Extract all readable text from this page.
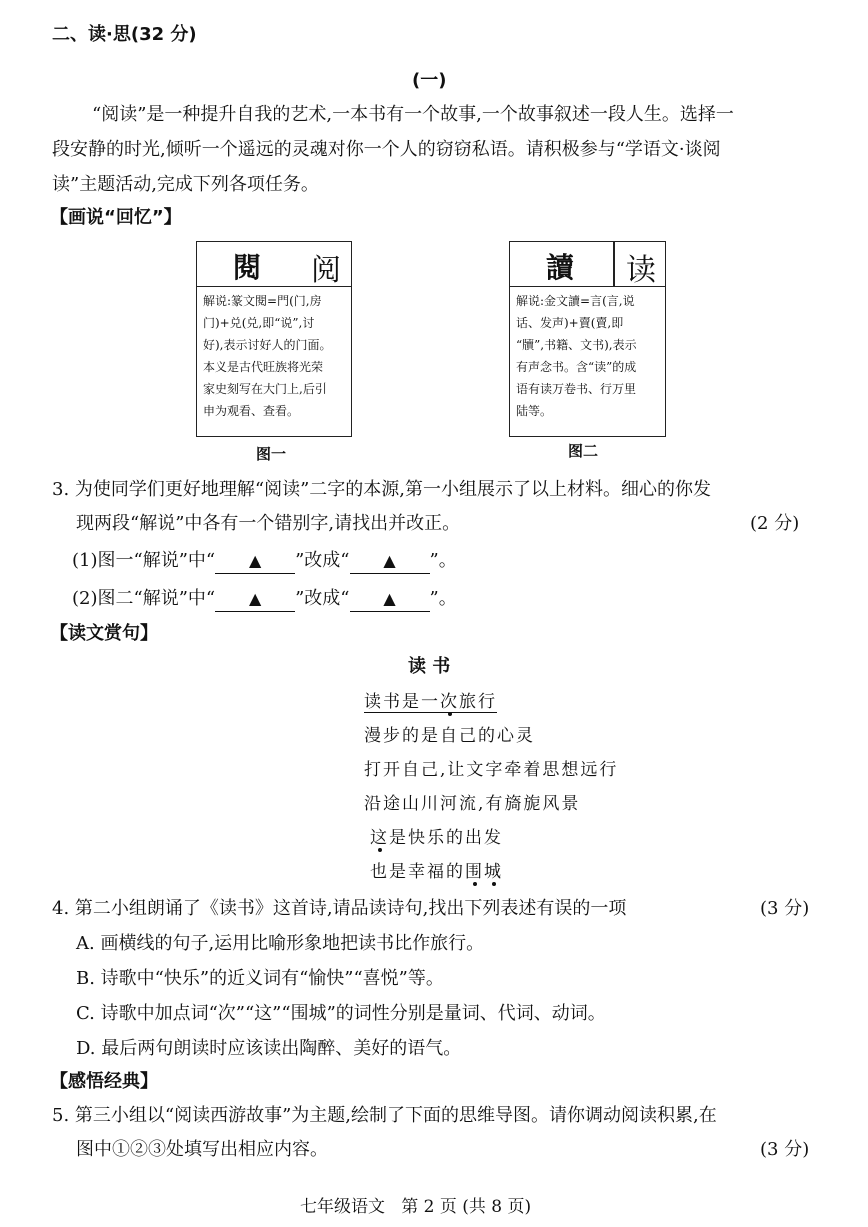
二、读·思(32 分)
(一)
“阅读”是一种提升自我的艺术,一本书有一个故事,一个故事叙述一段人生。选择一
段安静的时光,倾听一个遥远的灵魂对你一个人的窃窃私语。请积极参与“学语文·谈阅
读”主题活动,完成下列各项任务。
【画说“回忆”】
閱 阅
解说:篆文閱=門(门,房
门)+兑(兑,即“说”,讨
好),表示讨好人的门面。
本义是古代旺族将光荣
家史刻写在大门上,后引
申为观看、查看。
图一
讀 读
解说:金文讀=言(言,说
话、发声)+賣(賣,即
“牘”,书籍、文书),表示
有声念书。含“读”的成
语有读万卷书、行万里
陆等。
图二
3. 为使同学们更好地理解“阅读”二字的本源,第一小组展示了以上材料。细心的你发
现两段“解说”中各有一个错别字,请找出并改正。	(2 分)
(1)图一“解说”中“ ▲ ”改成“ ▲ ”。
(2)图二“解说”中“ ▲ ”改成“ ▲ ”。
【读文赏句】
读 书
读书是一次旅行
漫步的是自己的心灵
打开自己,让文字牵着思想远行
沿途山川河流,有旖旎风景
这是快乐的出发
也是幸福的围城
4. 第二小组朗诵了《读书》这首诗,请品读诗句,找出下列表述有误的一项	(3 分)
A. 画横线的句子,运用比喻形象地把读书比作旅行。
B. 诗歌中“快乐”的近义词有“愉快”“喜悦”等。
C. 诗歌中加点词“次”“这”“围城”的词性分别是量词、代词、动词。
D. 最后两句朗读时应该读出陶醉、美好的语气。
【感悟经典】
5. 第三小组以“阅读西游故事”为主题,绘制了下面的思维导图。请你调动阅读积累,在
图中①②③处填写出相应内容。	(3 分)
七年级语文   第 2 页 (共 8 页)
